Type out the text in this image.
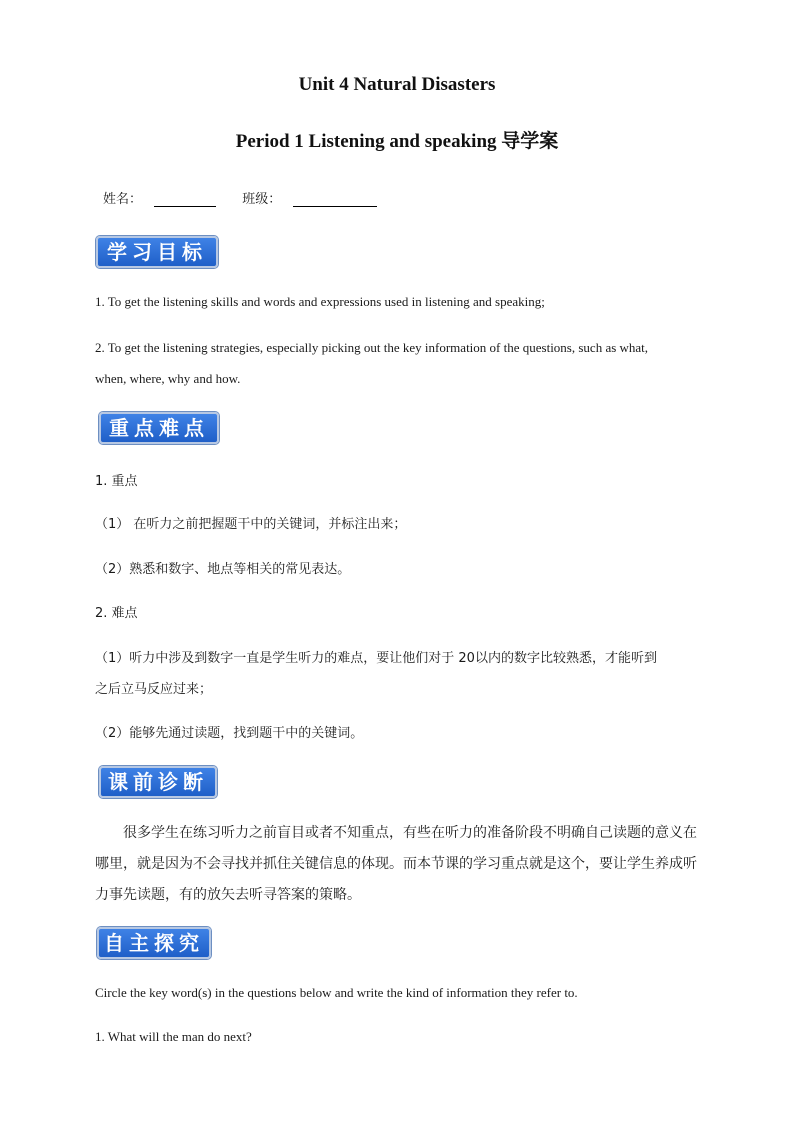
Unit 4 Natural Disasters
Period 1 Listening and speaking 导学案
姓名：	班级：
学习目标
1. To get the listening skills and words and expressions used in listening and speaking;
2. To get the listening strategies, especially picking out the key information of the questions, such as what,
when, where, why and how.
重点难点
1. 重点
（1） 在听力之前把握题干中的关键词，并标注出来；
（2）熟悉和数字、地点等相关的常见表达。
2. 难点
（1）听力中涉及到数字一直是学生听力的难点，要让他们对于 20以内的数字比较熟悉，才能听到
之后立马反应过来；
（2）能够先通过读题，找到题干中的关键词。
课前诊断
很多学生在练习听力之前盲目或者不知重点，有些在听力的准备阶段不明确自己读题的意义在
哪里，就是因为不会寻找并抓住关键信息的体现。而本节课的学习重点就是这个，要让学生养成听
力事先读题，有的放矢去听寻答案的策略。
自主探究
Circle the key word(s) in the questions below and write the kind of information they refer to.
1. What will the man do next?
